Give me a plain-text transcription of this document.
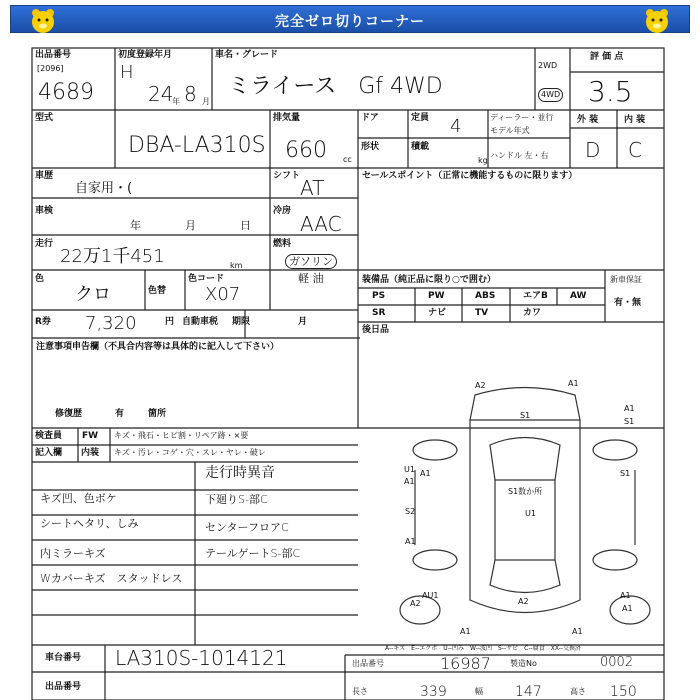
完全ゼロ切りコーナー
出品番号
[2096]
4689
初度登録年月
H
24
年 8 月
車名・グレード
ミライース　Gf 4WD
2WD
4WD
評 価 点
3.5
型式
DBA-LA310S
排気量
660 cc
ドア	定員 4	ディーラー・並行
モデル年式
形状	積載
kg
ハンドル 左・右
外 装	内 装
D C
車歴
自家用・(
シフト AT	セールスポイント（正常に機能するものに限ります）
車検
年	月	日
冷房
AAC
走行
22万1千451	km
燃料
ガソリン
軽 油
色
クロ	色替
色コード
X07
R券 7,320	円 自動車税 期限	月
注意事項申告欄（不具合内容等は具体的に記入して下さい）
修復歴	有	箇所
装備品（純正品に限り○で囲む）	新車保証
有・無
PS	PW	ABS	エアB AW
SR	ナビ	TV	カワ
後日品
検査員
記入欄
FW
内装
キズ・飛石・ヒビ割・リペア跡・×要
キズ・汚レ・コゲ・穴・スレ・ヤレ・破レ
キズ凹、色ボケ
シートヘタリ、しみ
内ミラーキズ
Wカバーキズ　スタッドレス
走行時異音
下廻りS-部C
センターフロアC
テールゲートS-部C
A2	A1
S1
A1
S1
U1
A1
S1数か所
A1
S2	U1
S1
A1
AU1
A2
A1	A1
A1
A1
A2
A--キズ　E--エクボ　U--凹み　W--波凹　S--サビ　C--腐食　XX--交換済
車台番号 LA310S-1014121	出品番号	16987 製造No	0002
出品番号	長さ	339	幅 147	高さ 150
